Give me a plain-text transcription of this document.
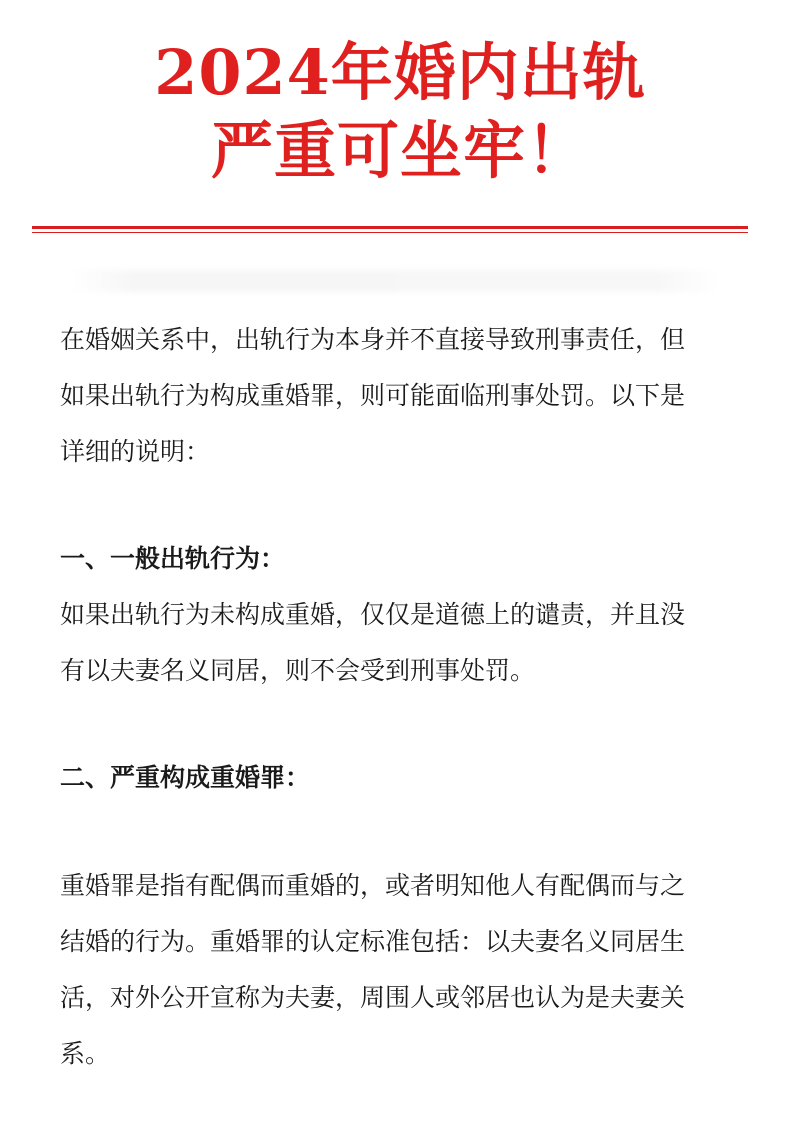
2024年婚内出轨
严重可坐牢！

在婚姻关系中，出轨行为本身并不直接导致刑事责任，但
如果出轨行为构成重婚罪，则可能面临刑事处罚。以下是
详细的说明：

一、一般出轨行为：

如果出轨行为未构成重婚，仅仅是道德上的谴责，并且没
有以夫妻名义同居，则不会受到刑事处罚。

二、严重构成重婚罪：

重婚罪是指有配偶而重婚的，或者明知他人有配偶而与之
结婚的行为。重婚罪的认定标准包括：以夫妻名义同居生
活，对外公开宣称为夫妻，周围人或邻居也认为是夫妻关
系。
